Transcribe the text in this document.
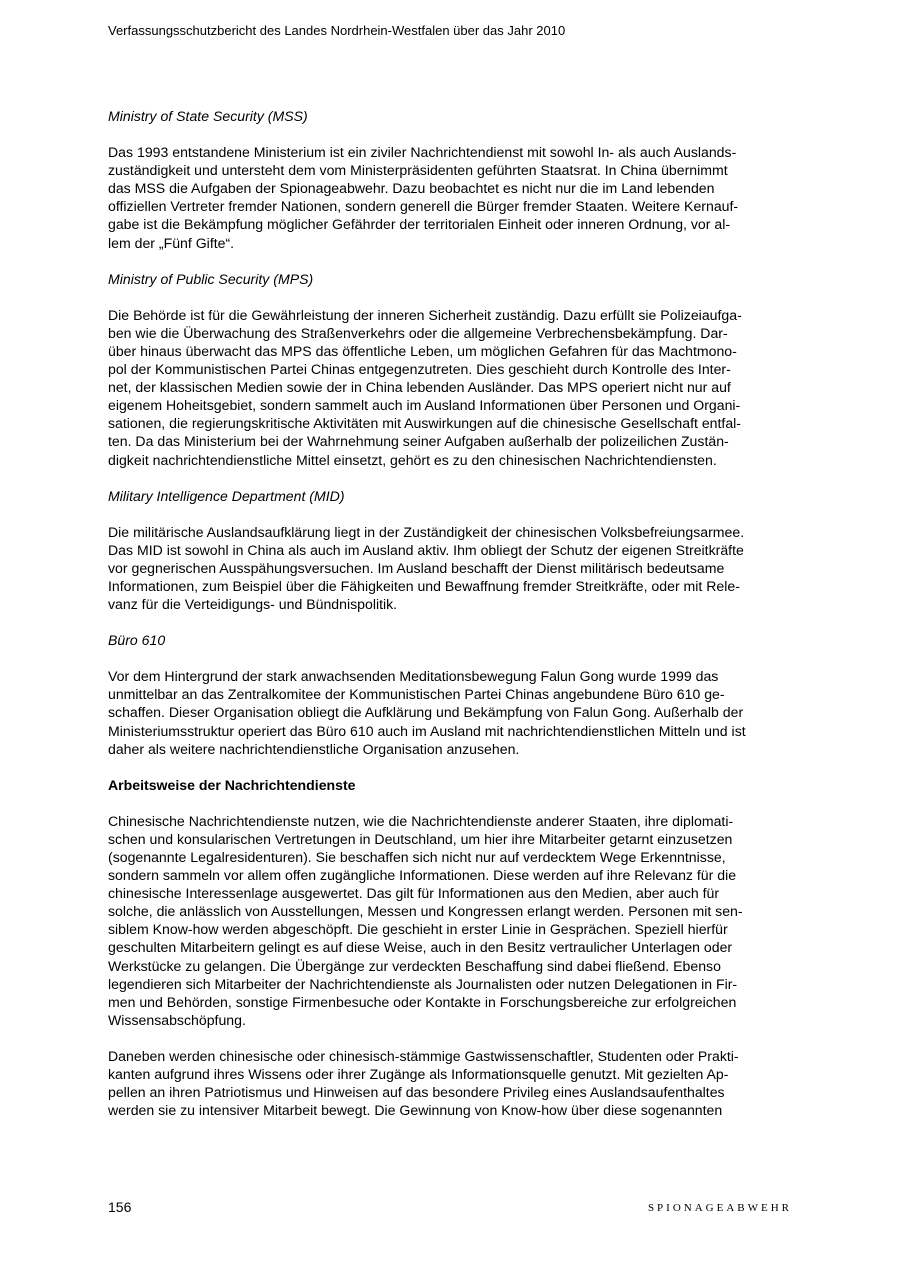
Verfassungsschutzbericht des Landes Nordrhein-Westfalen über das Jahr 2010
Ministry of State Security (MSS)
Das 1993 entstandene Ministerium ist ein ziviler Nachrichtendienst mit sowohl In- als auch Auslands-
zuständigkeit und untersteht dem vom Ministerpräsidenten geführten Staatsrat. In China übernimmt
das MSS die Aufgaben der Spionageabwehr. Dazu beobachtet es nicht nur die im Land lebenden
offiziellen Vertreter fremder Nationen, sondern generell die Bürger fremder Staaten. Weitere Kernauf-
gabe ist die Bekämpfung möglicher Gefährder der territorialen Einheit oder inneren Ordnung, vor al-
lem der „Fünf Gifte“.
Ministry of Public Security (MPS)
Die Behörde ist für die Gewährleistung der inneren Sicherheit zuständig. Dazu erfüllt sie Polizeiaufga-
ben wie die Überwachung des Straßenverkehrs oder die allgemeine Verbrechensbekämpfung. Dar-
über hinaus überwacht das MPS das öffentliche Leben, um möglichen Gefahren für das Machtmono-
pol der Kommunistischen Partei Chinas entgegenzutreten. Dies geschieht durch Kontrolle des Inter-
net, der klassischen Medien sowie der in China lebenden Ausländer. Das MPS operiert nicht nur auf
eigenem Hoheitsgebiet, sondern sammelt auch im Ausland Informationen über Personen und Organi-
sationen, die regierungskritische Aktivitäten mit Auswirkungen auf die chinesische Gesellschaft entfal-
ten. Da das Ministerium bei der Wahrnehmung seiner Aufgaben außerhalb der polizeilichen Zustän-
digkeit nachrichtendienstliche Mittel einsetzt, gehört es zu den chinesischen Nachrichtendiensten.
Military Intelligence Department (MID)
Die militärische Auslandsaufklärung liegt in der Zuständigkeit der chinesischen Volksbefreiungsarmee.
Das MID ist sowohl in China als auch im Ausland aktiv. Ihm obliegt der Schutz der eigenen Streitkräfte
vor gegnerischen Ausspähungsversuchen. Im Ausland beschafft der Dienst militärisch bedeutsame
Informationen, zum Beispiel über die Fähigkeiten und Bewaffnung fremder Streitkräfte, oder mit Rele-
vanz für die Verteidigungs- und Bündnispolitik.
Büro 610
Vor dem Hintergrund der stark anwachsenden Meditationsbewegung Falun Gong wurde 1999 das
unmittelbar an das Zentralkomitee der Kommunistischen Partei Chinas angebundene Büro 610 ge-
schaffen. Dieser Organisation obliegt die Aufklärung und Bekämpfung von Falun Gong. Außerhalb der
Ministeriumsstruktur operiert das Büro 610 auch im Ausland mit nachrichtendienstlichen Mitteln und ist
daher als weitere nachrichtendienstliche Organisation anzusehen.
Arbeitsweise der Nachrichtendienste
Chinesische Nachrichtendienste nutzen, wie die Nachrichtendienste anderer Staaten, ihre diplomati-
schen und konsularischen Vertretungen in Deutschland, um hier ihre Mitarbeiter getarnt einzusetzen
(sogenannte Legalresidenturen). Sie beschaffen sich nicht nur auf verdecktem Wege Erkenntnisse,
sondern sammeln vor allem offen zugängliche Informationen. Diese werden auf ihre Relevanz für die
chinesische Interessenlage ausgewertet. Das gilt für Informationen aus den Medien, aber auch für
solche, die anlässlich von Ausstellungen, Messen und Kongressen erlangt werden. Personen mit sen-
siblem Know-how werden abgeschöpft. Die geschieht in erster Linie in Gesprächen. Speziell hierfür
geschulten Mitarbeitern gelingt es auf diese Weise, auch in den Besitz vertraulicher Unterlagen oder
Werkstücke zu gelangen. Die Übergänge zur verdeckten Beschaffung sind dabei fließend. Ebenso
legendieren sich Mitarbeiter der Nachrichtendienste als Journalisten oder nutzen Delegationen in Fir-
men und Behörden, sonstige Firmenbesuche oder Kontakte in Forschungsbereiche zur erfolgreichen
Wissensabschöpfung.
Daneben werden chinesische oder chinesisch-stämmige Gastwissenschaftler, Studenten oder Prakti-
kanten aufgrund ihres Wissens oder ihrer Zugänge als Informationsquelle genutzt. Mit gezielten Ap-
pellen an ihren Patriotismus und Hinweisen auf das besondere Privileg eines Auslandsaufenthaltes
werden sie zu intensiver Mitarbeit bewegt. Die Gewinnung von Know-how über diese sogenannten
156	SPIONAGEABWEHR
